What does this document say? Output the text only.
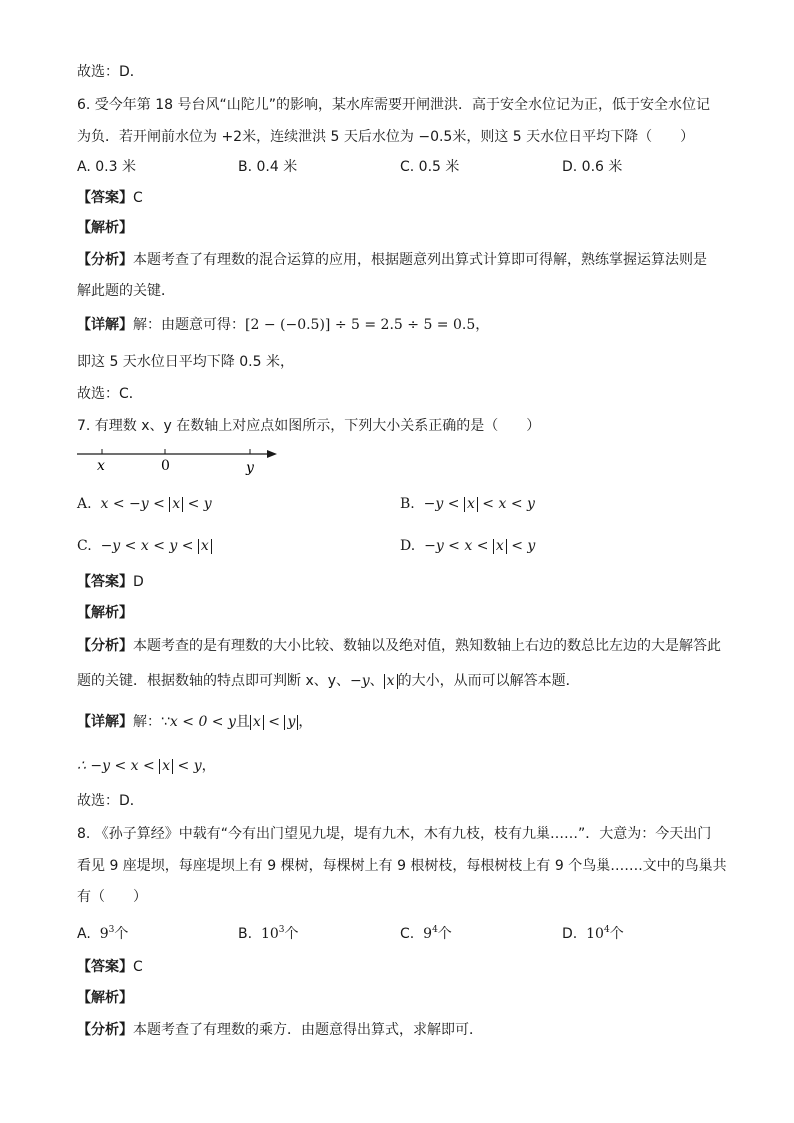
故选：D．
6. 受今年第 18 号台风“山陀儿”的影响，某水库需要开闸泄洪．高于安全水位记为正，低于安全水位记
为负．若开闸前水位为 +2米，连续泄洪 5 天后水位为 −0.5米，则这 5 天水位日平均下降（　　）
A. 0.3 米	B. 0.4 米	C. 0.5 米	D. 0.6 米
【答案】C
【解析】
【分析】本题考查了有理数的混合运算的应用，根据题意列出算式计算即可得解，熟练掌握运算法则是
解此题的关键．
【详解】解：由题意可得：[2 − (−0.5)] ÷ 5 = 2.5 ÷ 5 = 0.5，
即这 5 天水位日平均下降 0.5 米，
故选：C．
7. 有理数 x、y 在数轴上对应点如图所示，下列大小关系正确的是（　　）
x	0	y
A. x < −y < x < y	B. −y < x < x < y
C. −y < x < y < x	D. −y < x < x < y
【答案】D
【解析】
【分析】本题考查的是有理数的大小比较、数轴以及绝对值，熟知数轴上右边的数总比左边的大是解答此
题的关键．根据数轴的特点即可判断 x、y、−y、 x 的大小，从而可以解答本题．
【详解】解：∵x < 0 < y且 x < y ，
∴ −y < x < x < y，
故选：D．
8. 《孙子算经》中载有“今有出门望见九堤，堤有九木，木有九枝，枝有九巢……”．大意为：今天出门
看见 9 座堤坝，每座堤坝上有 9 棵树，每棵树上有 9 根树枝，每根树枝上有 9 个鸟巢…….文中的鸟巢共
有（　　）
A. $9^3$个	B. $10^3$个	C. $9^4$个	D. $10^4$个
【答案】C
【解析】
【分析】本题考查了有理数的乘方．由题意得出算式，求解即可．
